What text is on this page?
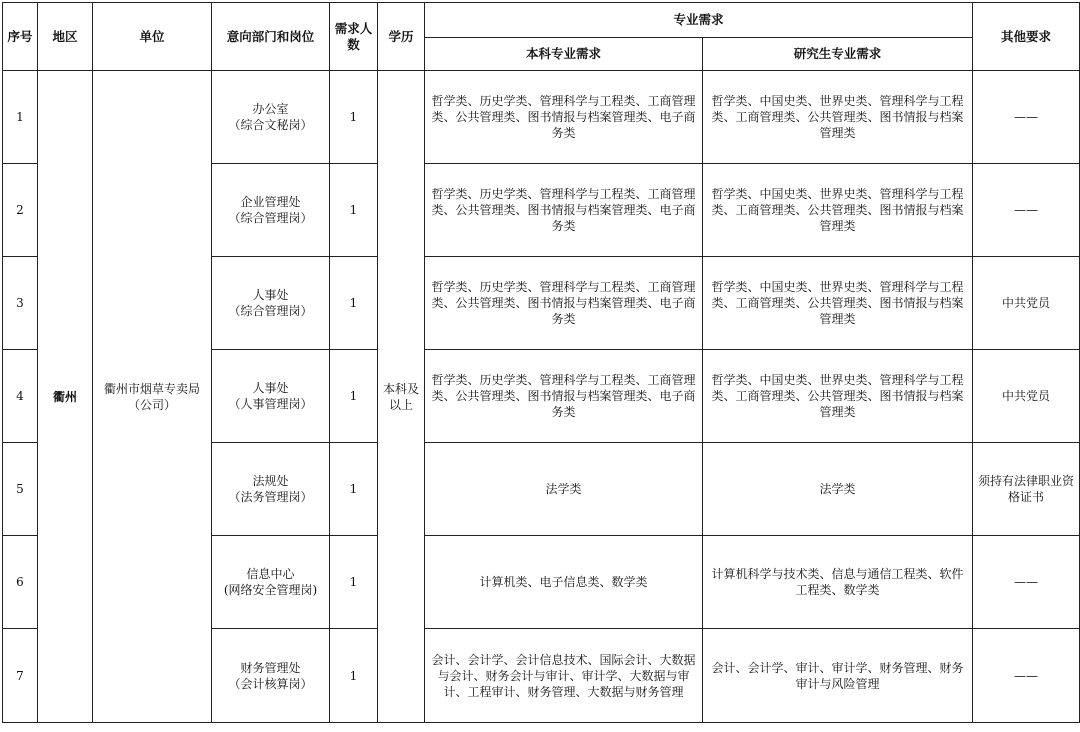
序号	地区	单位	意向部门和岗位	需求人数	学历	专业需求		其他要求
						本科专业需求	研究生专业需求	
1	衢州	衢州市烟草专卖局（公司）	办公室
（综合文秘岗）	1	本科及以上	哲学类、历史学类、管理科学与工程类、工商管理类、公共管理类、图书情报与档案管理类、电子商务类	哲学类、中国史类、世界史类、管理科学与工程类、工商管理类、公共管理类、图书情报与档案管理类	——
2			企业管理处
（综合管理岗）	1		哲学类、历史学类、管理科学与工程类、工商管理类、公共管理类、图书情报与档案管理类、电子商务类	哲学类、中国史类、世界史类、管理科学与工程类、工商管理类、公共管理类、图书情报与档案管理类	——
3			人事处
（综合管理岗）	1		哲学类、历史学类、管理科学与工程类、工商管理类、公共管理类、图书情报与档案管理类、电子商务类	哲学类、中国史类、世界史类、管理科学与工程类、工商管理类、公共管理类、图书情报与档案管理类	中共党员
4			人事处
（人事管理岗）	1		哲学类、历史学类、管理科学与工程类、工商管理类、公共管理类、图书情报与档案管理类、电子商务类	哲学类、中国史类、世界史类、管理科学与工程类、工商管理类、公共管理类、图书情报与档案管理类	中共党员
5			法规处
（法务管理岗）	1		法学类	法学类	须持有法律职业资格证书
6			信息中心
(网络安全管理岗)	1		计算机类、电子信息类、数学类	计算机科学与技术类、信息与通信工程类、软件工程类、数学类	——
7			财务管理处
（会计核算岗）	1		会计、会计学、会计信息技术、国际会计、大数据与会计、财务会计与审计、审计学、大数据与审计、工程审计、财务管理、大数据与财务管理	会计、会计学、审计、审计学、财务管理、财务审计与风险管理	——
